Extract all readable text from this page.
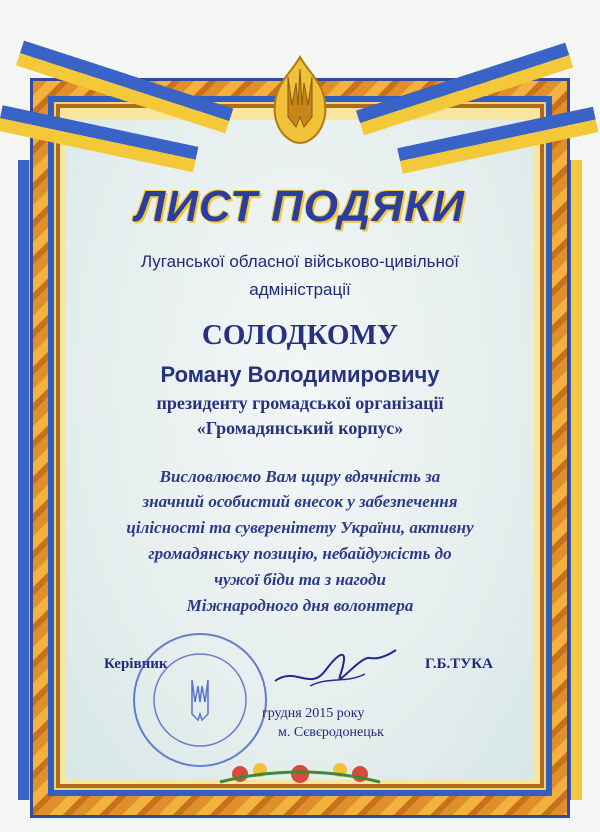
ЛИСТ ПОДЯКИ
Луганської обласної військово-цивільної
адміністрації
СОЛОДКОМУ
Роману Володимировичу
президенту громадської організації
«Громадянський корпус»
Висловлюємо Вам щиру вдячність за
значний особистий внесок у забезпечення
цілісності та суверенітету України, активну
громадянську позицію, небайдужість до
чужої біди та з нагоди
Міжнародного дня волонтера
Керівник	Г.Б.ТУКА
грудня 2015 року
м. Сєвєродонецьк
